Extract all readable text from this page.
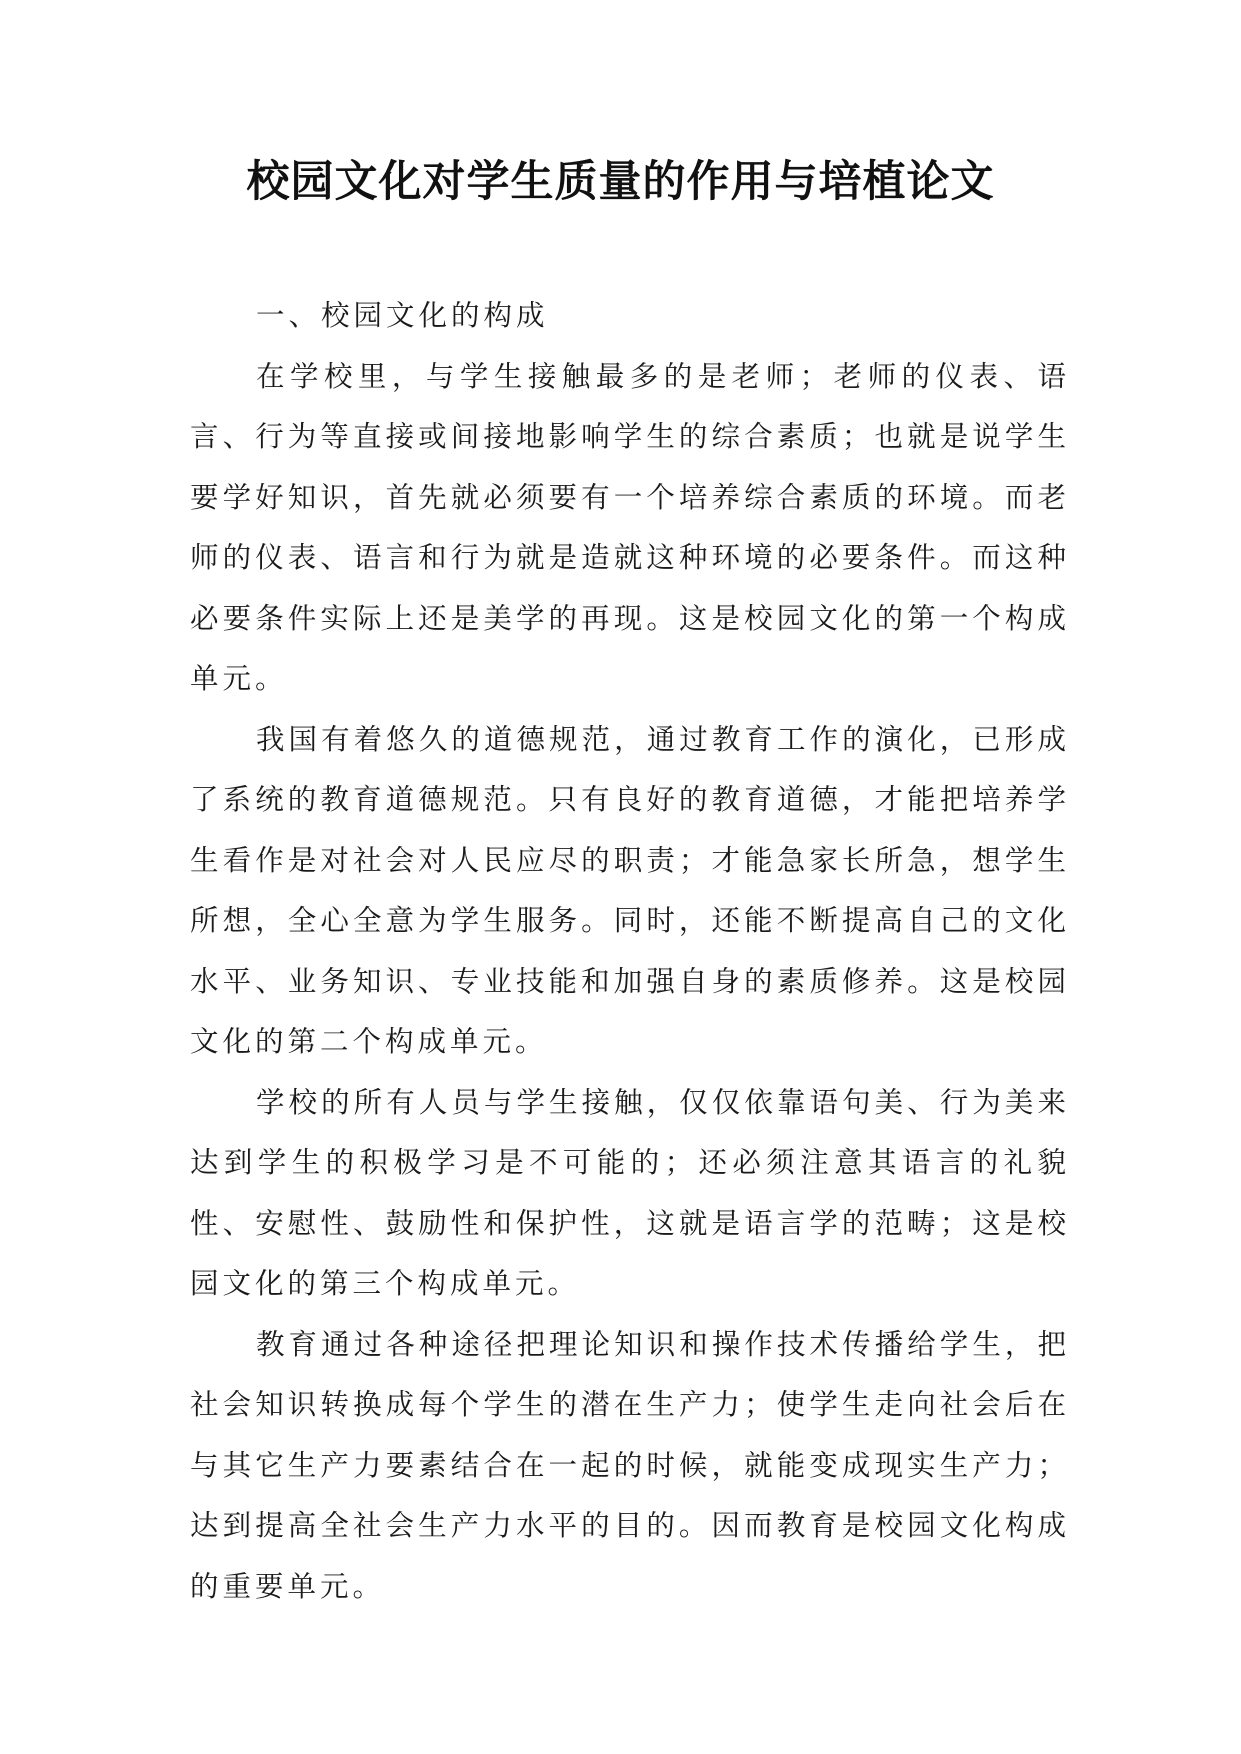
校园文化对学生质量的作用与培植论文

一、校园文化的构成

在学校里，与学生接触最多的是老师；老师的仪表、语言、行为等直接或间接地影响学生的综合素质；也就是说学生要学好知识，首先就必须要有一个培养综合素质的环境。而老师的仪表、语言和行为就是造就这种环境的必要条件。而这种必要条件实际上还是美学的再现。这是校园文化的第一个构成单元。

我国有着悠久的道德规范，通过教育工作的演化，已形成了系统的教育道德规范。只有良好的教育道德，才能把培养学生看作是对社会对人民应尽的职责；才能急家长所急，想学生所想，全心全意为学生服务。同时，还能不断提高自己的文化水平、业务知识、专业技能和加强自身的素质修养。这是校园文化的第二个构成单元。

学校的所有人员与学生接触，仅仅依靠语句美、行为美来达到学生的积极学习是不可能的；还必须注意其语言的礼貌性、安慰性、鼓励性和保护性，这就是语言学的范畴；这是校园文化的第三个构成单元。

教育通过各种途径把理论知识和操作技术传播给学生，把社会知识转换成每个学生的潜在生产力；使学生走向社会后在与其它生产力要素结合在一起的时候，就能变成现实生产力；达到提高全社会生产力水平的目的。因而教育是校园文化构成的重要单元。
